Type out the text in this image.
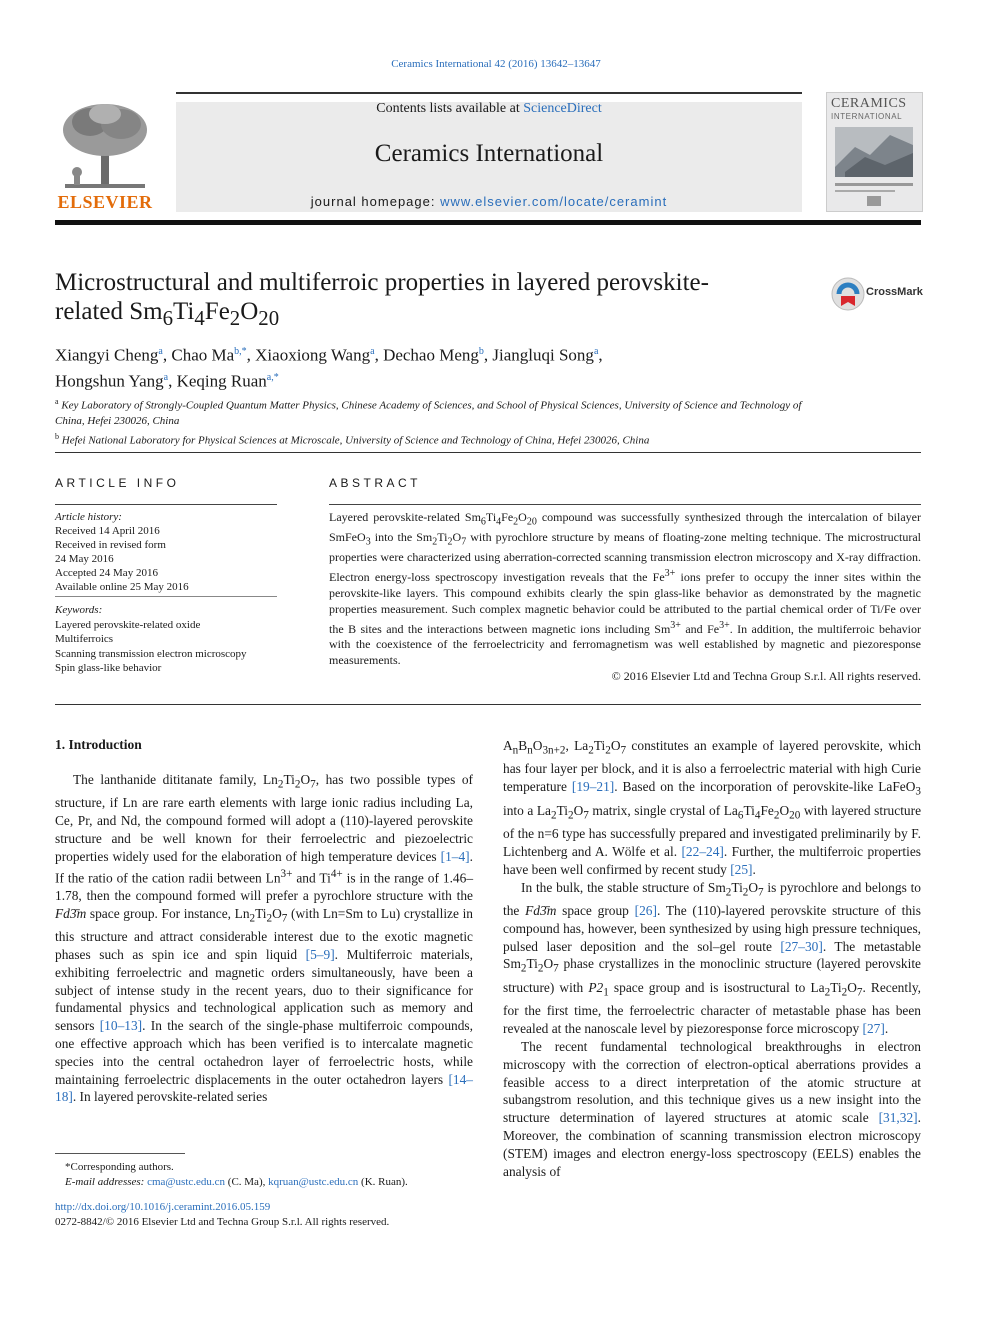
Ceramics International 42 (2016) 13642–13647
ELSEVIER
Contents lists available at ScienceDirect
Ceramics International
journal homepage: www.elsevier.com/locate/ceramint
CERAMICS
INTERNATIONAL
Microstructural and multiferroic properties in layered perovskite-
related $Sm_6Ti_4Fe_2O_{20}$
CrossMark
Xiangyi Cheng$^a$, Chao Ma$^{b,*}$, Xiaoxiong Wang$^a$, Dechao Meng$^b$, Jiangluqi Song$^a$,
Hongshun Yang$^a$, Keqing Ruan$^{a,*}$
$^a$ Key Laboratory of Strongly-Coupled Quantum Matter Physics, Chinese Academy of Sciences, and School of Physical Sciences, University of Science and Technology of China, Hefei 230026, China
$^b$ Hefei National Laboratory for Physical Sciences at Microscale, University of Science and Technology of China, Hefei 230026, China
ARTICLE INFO	ABSTRACT
Article history:
Received 14 April 2016
Received in revised form
24 May 2016
Accepted 24 May 2016
Available online 25 May 2016
Keywords:
Layered perovskite-related oxide
Multiferroics
Scanning transmission electron microscopy
Spin glass-like behavior
Layered perovskite-related $Sm_6Ti_4Fe_2O_{20}$ compound was successfully synthesized through the intercalation of bilayer SmFeO$_3$ into the $Sm_2Ti_2O_7$ with pyrochlore structure by means of floating-zone melting technique. The microstructural properties were characterized using aberration-corrected scanning transmission electron microscopy and X-ray diffraction. Electron energy-loss spectroscopy investigation reveals that the $Fe^{3+}$ ions prefer to occupy the inner sites within the perovskite-like layers. This compound exhibits clearly the spin glass-like behavior as demonstrated by the magnetic properties measurement. Such complex magnetic behavior could be attributed to the partial chemical order of Ti/Fe over the B sites and the interactions between magnetic ions including $Sm^{3+}$ and $Fe^{3+}$. In addition, the multiferroic behavior with the coexistence of the ferroelectricity and ferromagnetism was well established by magnetic and piezoresponse measurements.
© 2016 Elsevier Ltd and Techna Group S.r.l. All rights reserved.
1. Introduction

The lanthanide dititanate family, $Ln_2Ti_2O_7$, has two possible types of structure, if Ln are rare earth elements with large ionic radius including La, Ce, Pr, and Nd, the compound formed will adopt a (110)-layered perovskite structure and be well known for their ferroelectric and piezoelectric properties widely used for the elaboration of high temperature devices [1–4]. If the ratio of the cation radii between $Ln^{3+}$ and $Ti^{4+}$ is in the range of 1.46–1.78, then the compound formed will prefer a pyrochlore structure with the Fd3̄m space group. For instance, $Ln_2Ti_2O_7$ (with Ln=Sm to Lu) crystallize in this structure and attract considerable interest due to the exotic magnetic phases such as spin ice and spin liquid [5–9]. Multiferroic materials, exhibiting ferroelectric and magnetic orders simultaneously, have been a subject of intense study in the recent years, duo to their significance for fundamental physics and technological application such as memory and sensors [10–13]. In the search of the single-phase multiferroic compounds, one effective approach which has been verified is to intercalate magnetic species into the central octahedron layer of ferroelectric hosts, while maintaining ferroelectric displacements in the outer octahedron layers [14–18]. In layered perovskite-related series

$A_nB_nO_{3n+2}$, $La_2Ti_2O_7$ constitutes an example of layered perovskite, which has four layer per block, and it is also a ferroelectric material with high Curie temperature [19–21]. Based on the incorporation of perovskite-like LaFeO$_3$ into a $La_2Ti_2O_7$ matrix, single crystal of $La_6Ti_4Fe_2O_{20}$ with layered structure of the n=6 type has successfully prepared and investigated preliminarily by F. Lichtenberg and A. Wölfe et al. [22–24]. Further, the multiferroic properties have been well confirmed by recent study [25].

In the bulk, the stable structure of $Sm_2Ti_2O_7$ is pyrochlore and belongs to the Fd3̄m space group [26]. The (110)-layered perovskite structure of this compound has, however, been synthesized by using high pressure techniques, pulsed laser deposition and the sol–gel route [27–30]. The metastable $Sm_2Ti_2O_7$ phase crystallizes in the monoclinic structure (layered perovskite structure) with $P2_1$ space group and is isostructural to $La_2Ti_2O_7$. Recently, for the first time, the ferroelectric character of metastable phase has been revealed at the nanoscale level by piezoresponse force microscopy [27].

The recent fundamental technological breakthroughs in electron microscopy with the correction of electron-optical aberrations provides a feasible access to a direct interpretation of the atomic structure at subangstrom resolution, and this technique gives us a new insight into the structure determination of layered structures at atomic scale [31,32]. Moreover, the combination of scanning transmission electron microscopy (STEM) images and electron energy-loss spectroscopy (EELS) enables the analysis of

*Corresponding authors.
E-mail addresses: cma@ustc.edu.cn (C. Ma), kqruan@ustc.edu.cn (K. Ruan).
http://dx.doi.org/10.1016/j.ceramint.2016.05.159
0272-8842/© 2016 Elsevier Ltd and Techna Group S.r.l. All rights reserved.
